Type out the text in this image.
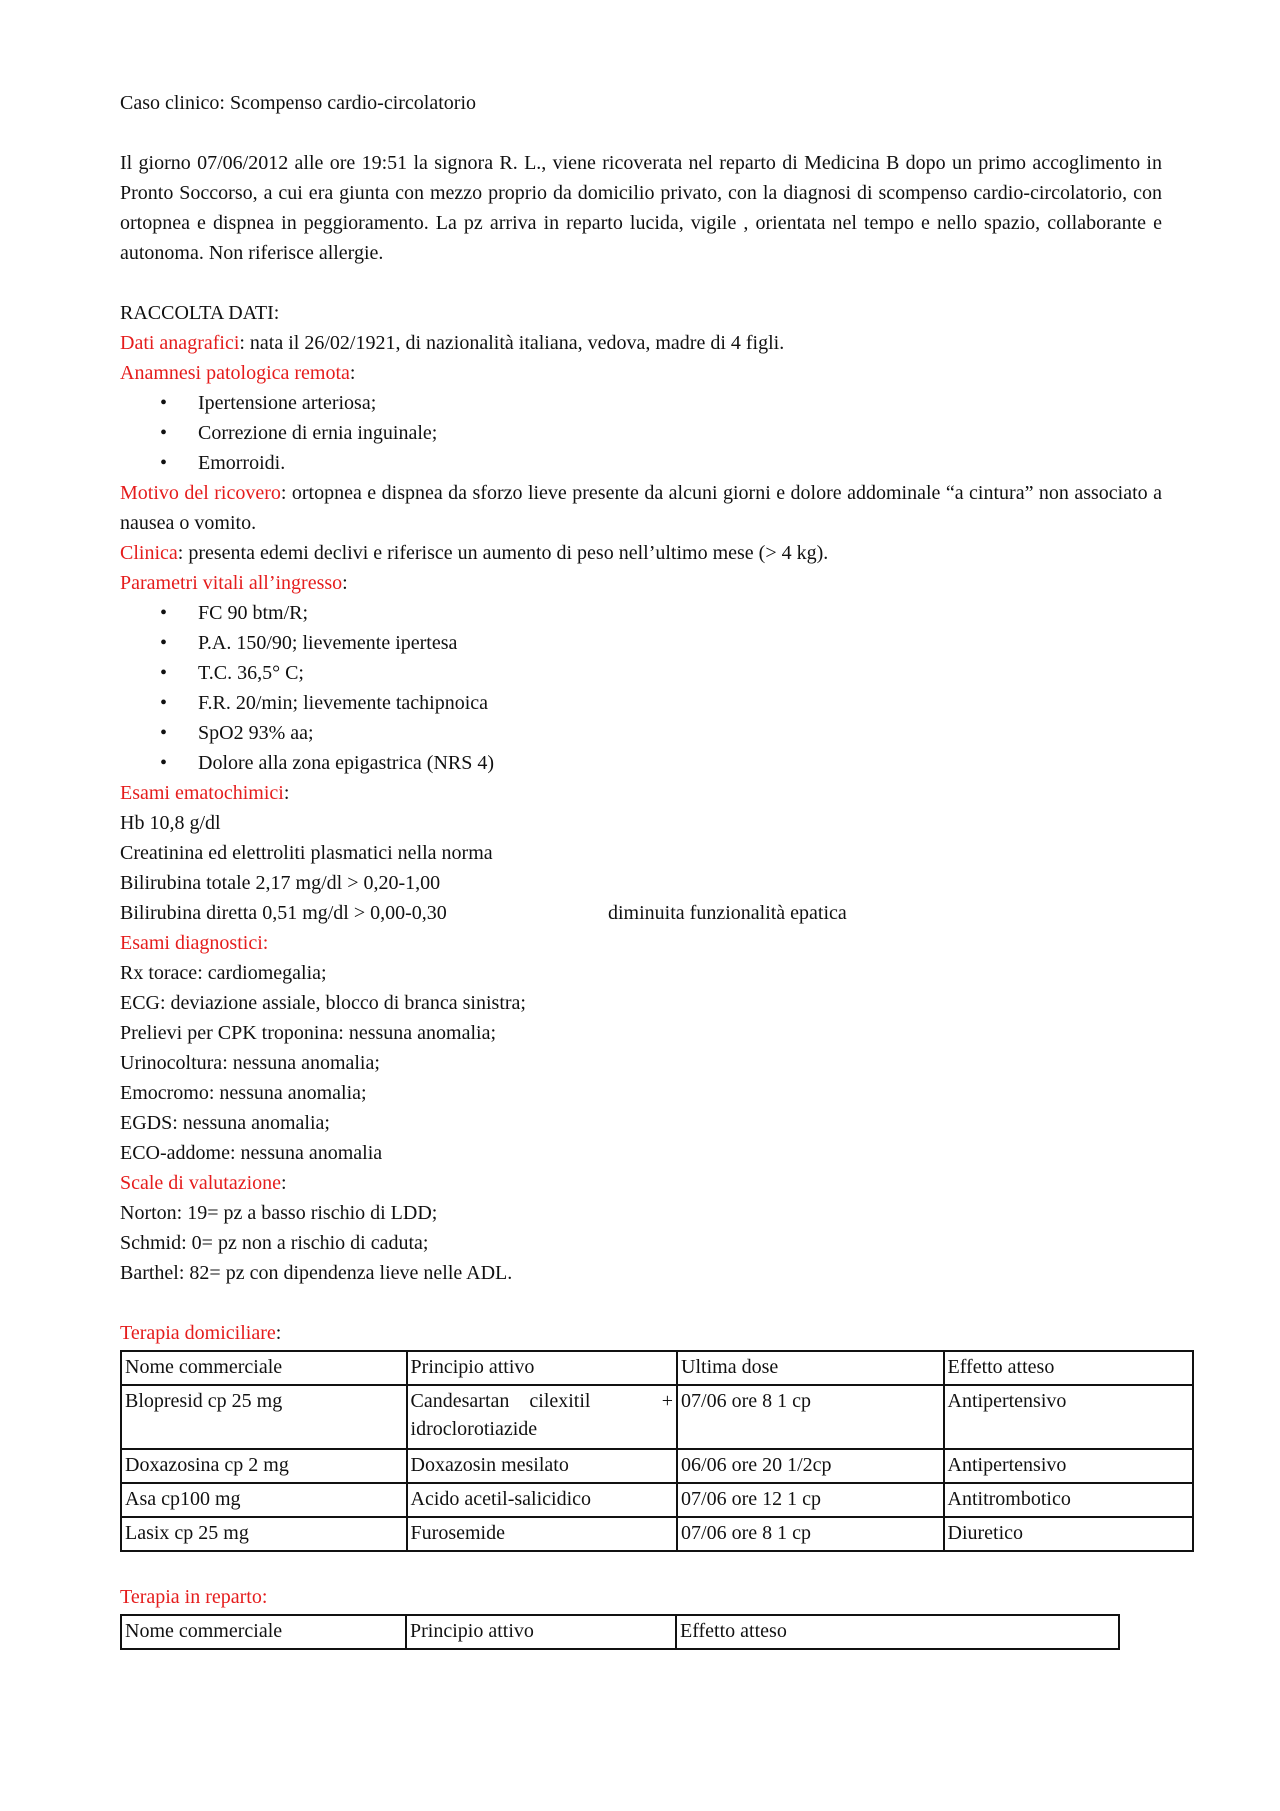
Caso clinico: Scompenso cardio-circolatorio

Il giorno 07/06/2012 alle ore 19:51 la signora R. L., viene ricoverata nel reparto di Medicina B dopo un primo accoglimento in Pronto Soccorso, a cui era giunta con mezzo proprio da domicilio privato, con la diagnosi di scompenso cardio-circolatorio, con ortopnea e dispnea in peggioramento. La pz arriva in reparto lucida, vigile , orientata nel tempo e nello spazio, collaborante e autonoma. Non riferisce allergie.

RACCOLTA DATI:

Dati anagrafici: nata il 26/02/1921, di nazionalità italiana, vedova, madre di 4 figli.

Anamnesi patologica remota:

• Ipertensione arteriosa;
• Correzione di ernia inguinale;
• Emorroidi.

Motivo del ricovero: ortopnea e dispnea da sforzo lieve presente da alcuni giorni e dolore addominale “a cintura” non associato a nausea o vomito.

Clinica: presenta edemi declivi e riferisce un aumento di peso nell’ultimo mese (> 4 kg).

Parametri vitali all’ingresso:

• FC 90 btm/R;
• P.A. 150/90; lievemente ipertesa
• T.C. 36,5° C;
• F.R. 20/min; lievemente tachipnoica
• SpO2 93% aa;
• Dolore alla zona epigastrica (NRS 4)

Esami ematochimici:

Hb 10,8 g/dl

Creatinina ed elettroliti plasmatici nella norma

Bilirubina totale 2,17 mg/dl > 0,20-1,00

Bilirubina diretta 0,51 mg/dl > 0,00-0,30	diminuita funzionalità epatica

Esami diagnostici:

Rx torace: cardiomegalia;

ECG: deviazione assiale, blocco di branca sinistra;

Prelievi per CPK troponina: nessuna anomalia;

Urinocoltura: nessuna anomalia;

Emocromo: nessuna anomalia;

EGDS: nessuna anomalia;

ECO-addome: nessuna anomalia

Scale di valutazione:

Norton: 19= pz a basso rischio di LDD;

Schmid: 0= pz non a rischio di caduta;

Barthel: 82= pz con dipendenza lieve nelle ADL.

Terapia domiciliare:

Nome commerciale	Principio attivo	Ultima dose	Effetto atteso
Blopresid cp 25 mg	Candesartan    cilexitil +
idroclorotiazide	07/06 ore 8 1 cp	Antipertensivo
Doxazosina cp 2 mg	Doxazosin mesilato	06/06 ore 20 1/2cp	Antipertensivo
Asa cp100 mg	Acido acetil-salicidico	07/06 ore 12 1 cp	Antitrombotico
Lasix cp 25 mg	Furosemide	07/06 ore 8 1 cp	Diuretico

Terapia in reparto:

Nome commerciale	Principio attivo	Effetto atteso
